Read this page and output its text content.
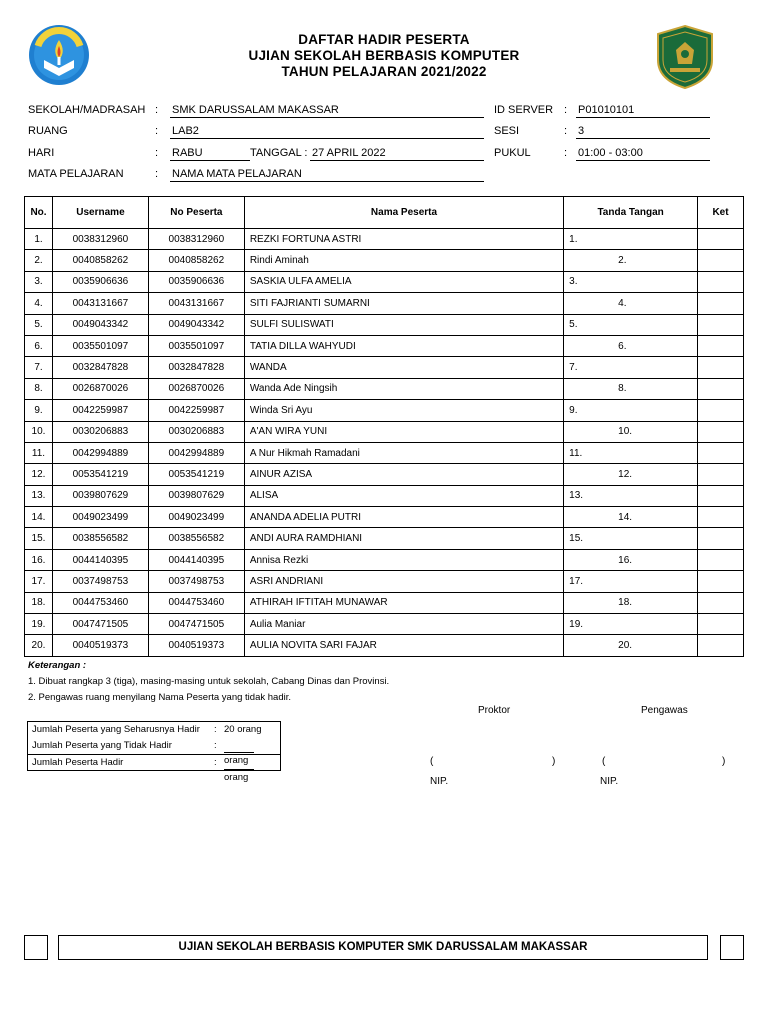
DAFTAR HADIR PESERTA
UJIAN SEKOLAH BERBASIS KOMPUTER
TAHUN PELAJARAN 2021/2022
SEKOLAH/MADRASAH : SMK DARUSSALAM MAKASSAR	ID SERVER : P01010101
RUANG	: LAB2	SESI	: 3
HARI	: RABU	TANGGAL : 27 APRIL 2022	PUKUL	: 01:00 - 03:00
MATA PELAJARAN	: NAMA MATA PELAJARAN
No.	Username	No Peserta	Nama Peserta	Tanda Tangan	Ket
1.	0038312960	0038312960	REZKI FORTUNA ASTRI	1.	
2.	0040858262	0040858262	Rindi Aminah	2.	
3.	0035906636	0035906636	SASKIA ULFA AMELIA	3.	
4.	0043131667	0043131667	SITI FAJRIANTI SUMARNI	4.	
5.	0049043342	0049043342	SULFI SULISWATI	5.	
6.	0035501097	0035501097	TATIA DILLA WAHYUDI	6.	
7.	0032847828	0032847828	WANDA	7.	
8.	0026870026	0026870026	Wanda Ade Ningsih	8.	
9.	0042259987	0042259987	Winda Sri Ayu	9.	
10.	0030206883	0030206883	A'AN WIRA YUNI	10.	
11.	0042994889	0042994889	A Nur Hikmah Ramadani	11.	
12.	0053541219	0053541219	AINUR AZISA	12.	
13.	0039807629	0039807629	ALISA	13.	
14.	0049023499	0049023499	ANANDA ADELIA PUTRI	14.	
15.	0038556582	0038556582	ANDI AURA RAMDHIANI	15.	
16.	0044140395	0044140395	Annisa Rezki	16.	
17.	0037498753	0037498753	ASRI ANDRIANI	17.	
18.	0044753460	0044753460	ATHIRAH IFTITAH MUNAWAR	18.	
19.	0047471505	0047471505	Aulia Maniar	19.	
20.	0040519373	0040519373	AULIA NOVITA SARI FAJAR	20.	
Keterangan :
1. Dibuat rangkap 3 (tiga), masing-masing untuk sekolah, Cabang Dinas dan Provinsi.
2. Pengawas ruang menyilang Nama Peserta yang tidak hadir.
Jumlah Peserta yang Seharusnya Hadir : 20 orang
Jumlah Peserta yang Tidak Hadir	:
orang
Jumlah Peserta Hadir	:
orang
Proktor	Pengawas
(	)	(	)
NIP.	NIP.
UJIAN SEKOLAH BERBASIS KOMPUTER SMK DARUSSALAM MAKASSAR
